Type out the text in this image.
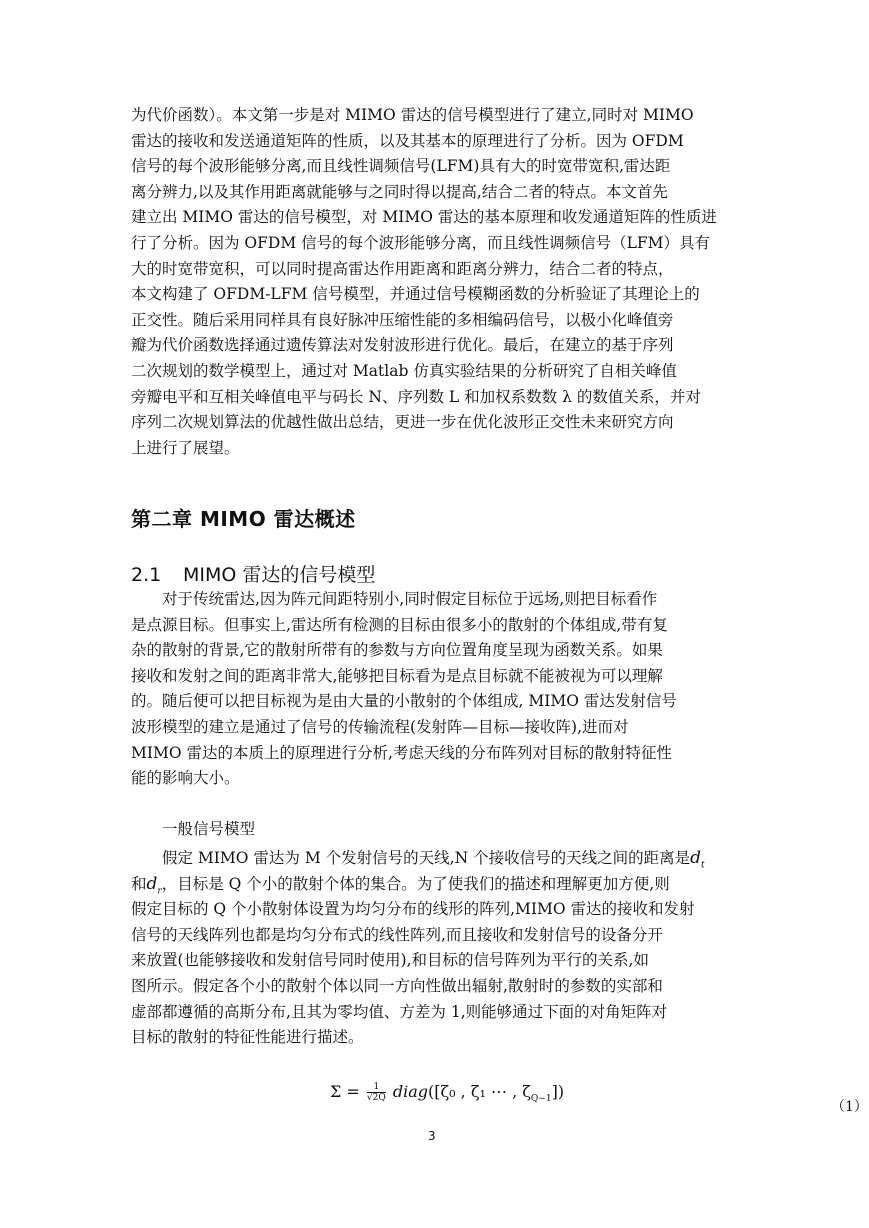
为代价函数）。本文第一步是对 MIMO 雷达的信号模型进行了建立,同时对 MIMO
雷达的接收和发送通道矩阵的性质，以及其基本的原理进行了分析。因为 OFDM
信号的每个波形能够分离,而且线性调频信号(LFM)具有大的时宽带宽积,雷达距
离分辨力,以及其作用距离就能够与之同时得以提高,结合二者的特点。本文首先
建立出 MIMO 雷达的信号模型，对 MIMO 雷达的基本原理和收发通道矩阵的性质进
行了分析。因为 OFDM 信号的每个波形能够分离，而且线性调频信号（LFM）具有
大的时宽带宽积，可以同时提高雷达作用距离和距离分辨力，结合二者的特点，
本文构建了 OFDM-LFM 信号模型，并通过信号模糊函数的分析验证了其理论上的
正交性。随后采用同样具有良好脉冲压缩性能的多相编码信号，以极小化峰值旁
瓣为代价函数选择通过遗传算法对发射波形进行优化。最后，在建立的基于序列
二次规划的数学模型上，通过对 Matlab 仿真实验结果的分析研究了自相关峰值
旁瓣电平和互相关峰值电平与码长 N、序列数 L 和加权系数数 λ 的数值关系，并对
序列二次规划算法的优越性做出总结，更进一步在优化波形正交性未来研究方向
上进行了展望。
第二章 MIMO 雷达概述
2.1 MIMO 雷达的信号模型
对于传统雷达,因为阵元间距特别小,同时假定目标位于远场,则把目标看作
是点源目标。但事实上,雷达所有检测的目标由很多小的散射的个体组成,带有复
杂的散射的背景,它的散射所带有的参数与方向位置角度呈现为函数关系。如果
接收和发射之间的距离非常大,能够把目标看为是点目标就不能被视为可以理解
的。随后便可以把目标视为是由大量的小散射的个体组成, MIMO 雷达发射信号
波形模型的建立是通过了信号的传输流程(发射阵—目标—接收阵),进而对
MIMO 雷达的本质上的原理进行分析,考虑天线的分布阵列对目标的散射特征性
能的影响大小。
一般信号模型
假定 MIMO 雷达为 M 个发射信号的天线,N 个接收信号的天线之间的距离是$d_t$
和$d_r$，目标是 Q 个小的散射个体的集合。为了使我们的描述和理解更加方便,则
假定目标的 Q 个小散射体设置为均匀分布的线形的阵列,MIMO 雷达的接收和发射
信号的天线阵列也都是均匀分布式的线性阵列,而且接收和发射信号的设备分开
来放置(也能够接收和发射信号同时使用),和目标的信号阵列为平行的关系,如
图所示。假定各个小的散射个体以同一方向性做出辐射,散射时的参数的实部和
虚部都遵循的高斯分布,且其为零均值、方差为 1,则能够通过下面的对角矩阵对
目标的散射的特征性能进行描述。
$\Sigma = \frac{1}{√2Q}$ diag([ζ₀ , ζ₁ ⋯ , $\zeta_{Q-1}$])
（1）
3
